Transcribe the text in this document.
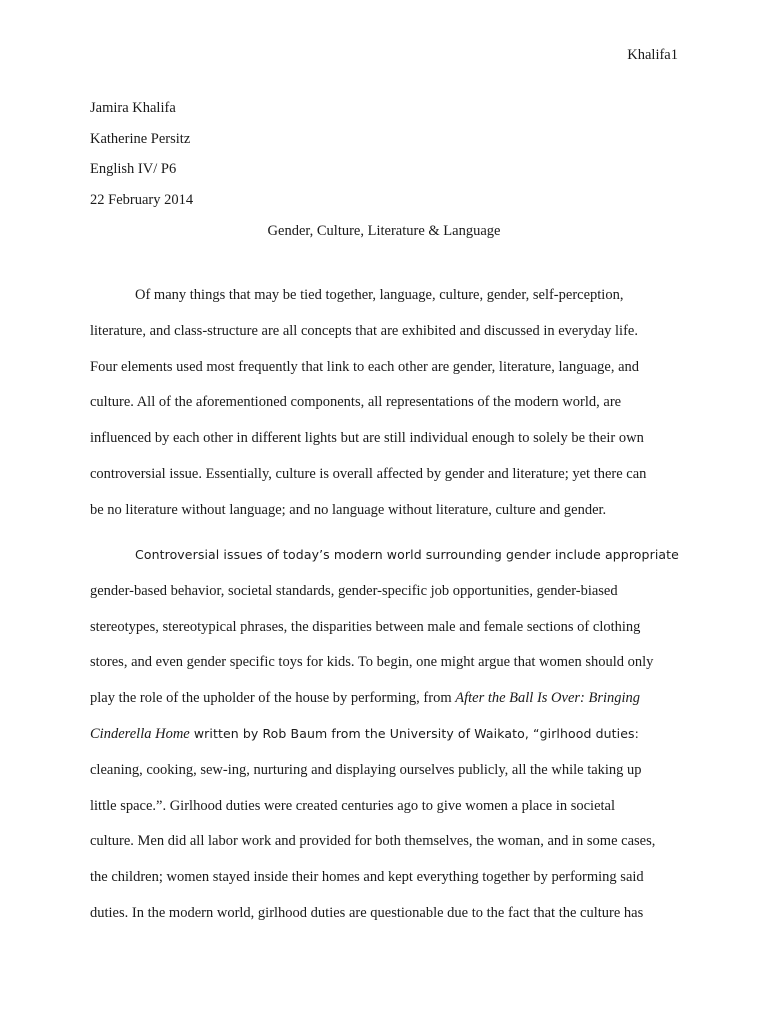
Khalifa1
Jamira Khalifa
Katherine Persitz
English IV/ P6
22 February 2014
Gender, Culture, Literature & Language
Of many things that may be tied together, language, culture, gender, self-perception,
literature, and class-structure are all concepts that are exhibited and discussed in everyday life.
Four elements used most frequently that link to each other are gender, literature, language, and
culture. All of the aforementioned components, all representations of the modern world, are
influenced by each other in different lights but are still individual enough to solely be their own
controversial issue. Essentially, culture is overall affected by gender and literature; yet there can
be no literature without language; and no language without literature, culture and gender.
Controversial issues of today’s modern world surrounding gender include appropriate
gender-based behavior, societal standards, gender-specific job opportunities, gender-biased
stereotypes, stereotypical phrases, the disparities between male and female sections of clothing
stores, and even gender specific toys for kids. To begin, one might argue that women should only
play the role of the upholder of the house by performing, from After the Ball Is Over: Bringing
Cinderella Home written by Rob Baum from the University of Waikato, “girlhood duties:
cleaning, cooking, sew-ing, nurturing and displaying ourselves publicly, all the while taking up
little space.”. Girlhood duties were created centuries ago to give women a place in societal
culture. Men did all labor work and provided for both themselves, the woman, and in some cases,
the children; women stayed inside their homes and kept everything together by performing said
duties. In the modern world, girlhood duties are questionable due to the fact that the culture has
